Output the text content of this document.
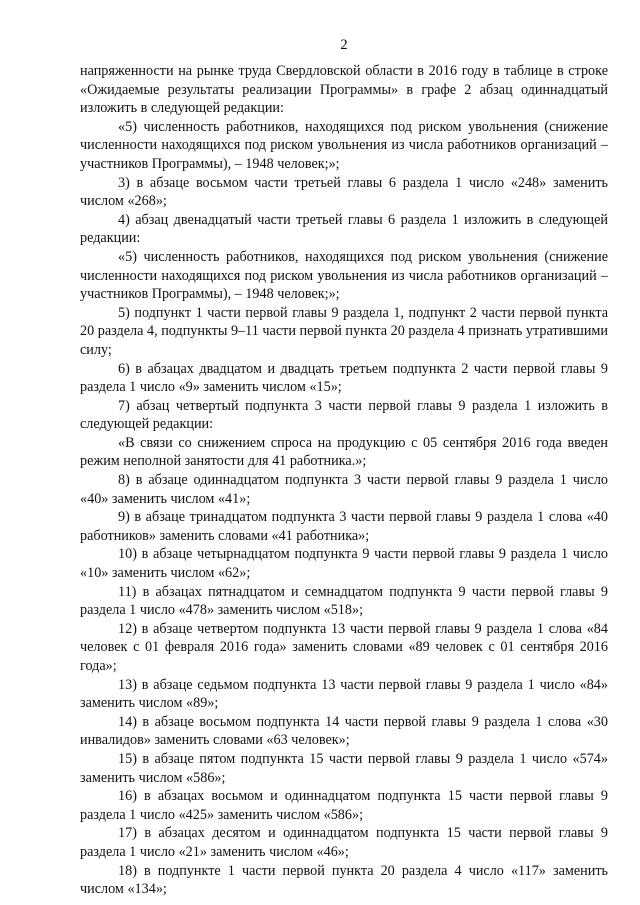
2

напряженности на рынке труда Свердловской области в 2016 году в таблице в строке «Ожидаемые результаты реализации Программы» в графе 2 абзац одиннадцатый изложить в следующей редакции:

«5) численность работников, находящихся под риском увольнения (снижение численности находящихся под риском увольнения из числа работников организаций – участников Программы), – 1948 человек;»;

3) в абзаце восьмом части третьей главы 6 раздела 1 число «248» заменить числом «268»;

4) абзац двенадцатый части третьей главы 6 раздела 1 изложить в следующей редакции:

«5) численность работников, находящихся под риском увольнения (снижение численности находящихся под риском увольнения из числа работников организаций – участников Программы), – 1948 человек;»;

5) подпункт 1 части первой главы 9 раздела 1, подпункт 2 части первой пункта 20 раздела 4, подпункты 9–11 части первой пункта 20 раздела 4 признать утратившими силу;

6) в абзацах двадцатом и двадцать третьем подпункта 2 части первой главы 9 раздела 1 число «9» заменить числом «15»;

7) абзац четвертый подпункта 3 части первой главы 9 раздела 1 изложить в следующей редакции:

«В связи со снижением спроса на продукцию с 05 сентября 2016 года введен режим неполной занятости для 41 работника.»;

8) в абзаце одиннадцатом подпункта 3 части первой главы 9 раздела 1 число «40» заменить числом «41»;

9) в абзаце тринадцатом подпункта 3 части первой главы 9 раздела 1 слова «40 работников» заменить словами «41 работника»;

10) в абзаце четырнадцатом подпункта 9 части первой главы 9 раздела 1 число «10» заменить числом «62»;

11) в абзацах пятнадцатом и семнадцатом подпункта 9 части первой главы 9 раздела 1 число «478» заменить числом «518»;

12) в абзаце четвертом подпункта 13 части первой главы 9 раздела 1 слова «84 человек с 01 февраля 2016 года» заменить словами «89 человек с 01 сентября 2016 года»;

13) в абзаце седьмом подпункта 13 части первой главы 9 раздела 1 число «84» заменить числом «89»;

14) в абзаце восьмом подпункта 14 части первой главы 9 раздела 1 слова «30 инвалидов» заменить словами «63 человек»;

15) в абзаце пятом подпункта 15 части первой главы 9 раздела 1 число «574» заменить числом «586»;

16) в абзацах восьмом и одиннадцатом подпункта 15 части первой главы 9 раздела 1 число «425» заменить числом «586»;

17) в абзацах десятом и одиннадцатом подпункта 15 части первой главы 9 раздела 1 число «21» заменить числом «46»;

18) в подпункте 1 части первой пункта 20 раздела 4 число «117» заменить числом «134»;
